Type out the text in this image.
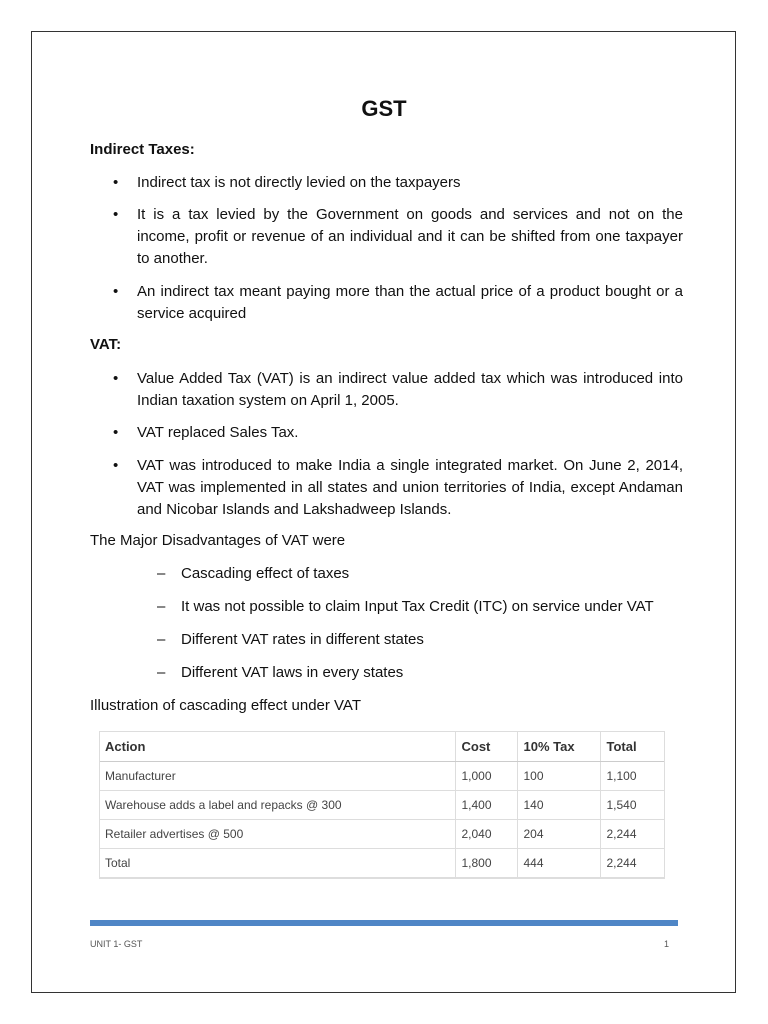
GST
Indirect Taxes:
• Indirect tax is not directly levied on the taxpayers
• It is a tax levied by the Government on goods and services and not on the income, profit or revenue of an individual and it can be shifted from one taxpayer to another.
• An indirect tax meant paying more than the actual price of a product bought or a service acquired
VAT:
• Value Added Tax (VAT) is an indirect value added tax which was introduced into Indian taxation system on April 1, 2005.
• VAT replaced Sales Tax.
• VAT was introduced to make India a single integrated market. On June 2, 2014, VAT was implemented in all states and union territories of India, except Andaman and Nicobar Islands and Lakshadweep Islands.
The Major Disadvantages of VAT were
– Cascading effect of taxes
– It was not possible to claim Input Tax Credit (ITC) on service under VAT
– Different VAT rates in different states
– Different VAT laws in every states
Illustration of cascading effect under VAT
Action	Cost	10% Tax	Total
Manufacturer	1,000	100	1,100
Warehouse adds a label and repacks @ 300	1,400	140	1,540
Retailer advertises @ 500	2,040	204	2,244
Total	1,800	444	2,244
UNIT 1- GST	1
